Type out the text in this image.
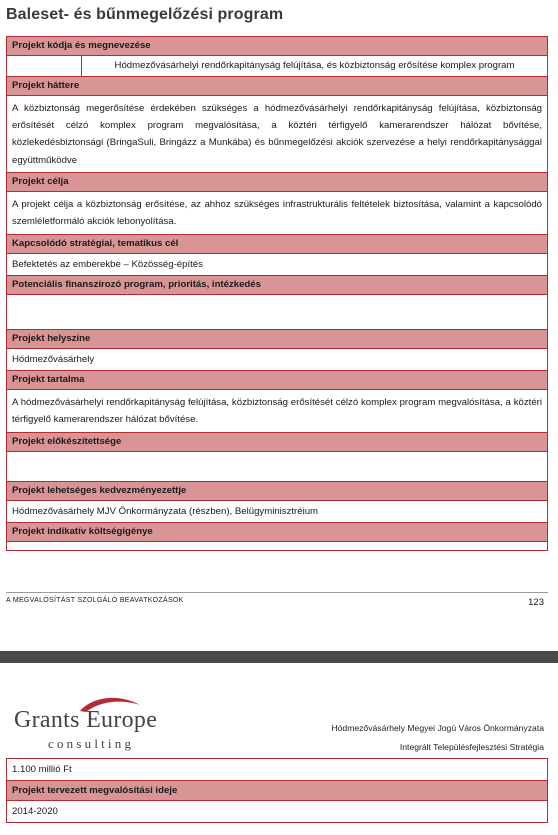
Baleset- és bűnmegelőzési program
Projekt kódja és megnevezése
Hódmezővásárhelyi rendőrkapitányság felújítása, és közbiztonság erősítése komplex program
Projekt háttere
A közbiztonság megerősítése érdekében szükséges a hódmezővásárhelyi rendőrkapitányság felújítása, közbiztonság erősítését célzó komplex program megvalósítása, a köztéri térfigyelő kamerarendszer hálózat bővítése, közlekedésbiztonsági (BringaSuli, Bringázz a Munkába) és bűnmegelőzési akciók szervezése a helyi rendőrkapitánysággal együttműködve
Projekt célja
A projekt célja a közbiztonság erősítése, az ahhoz szükséges infrastrukturális feltételek biztosítása, valamint a kapcsolódó szemléletformáló akciók lebonyolítása.
Kapcsolódó stratégiai, tematikus cél
Befektetés az emberekbe – Közösség-építés
Potenciális finanszírozó program, prioritás, intézkedés
Projekt helyszíne
Hódmezővásárhely
Projekt tartalma
A hódmezővásárhelyi rendőrkapitányság felújítása, közbiztonság erősítését célzó komplex program megvalósítása, a köztéri térfigyelő kamerarendszer hálózat bővítése.
Projekt előkészítettsége
Projekt lehetséges kedvezményezettje
Hódmezővásárhely MJV Önkormányzata (részben), Belügyminisztréium
Projekt indikatív költségigénye
A MEGVALÓSÍTÁST SZOLGÁLÓ BEAVATKOZÁSOK	123
Grants Europe
consulting
Hódmezővásárhely Megyei Jogú Város Önkormányzata
Integrált Településfejlesztési Stratégia
1.100 millió Ft
Projekt tervezett megvalósítási ideje
2014-2020
